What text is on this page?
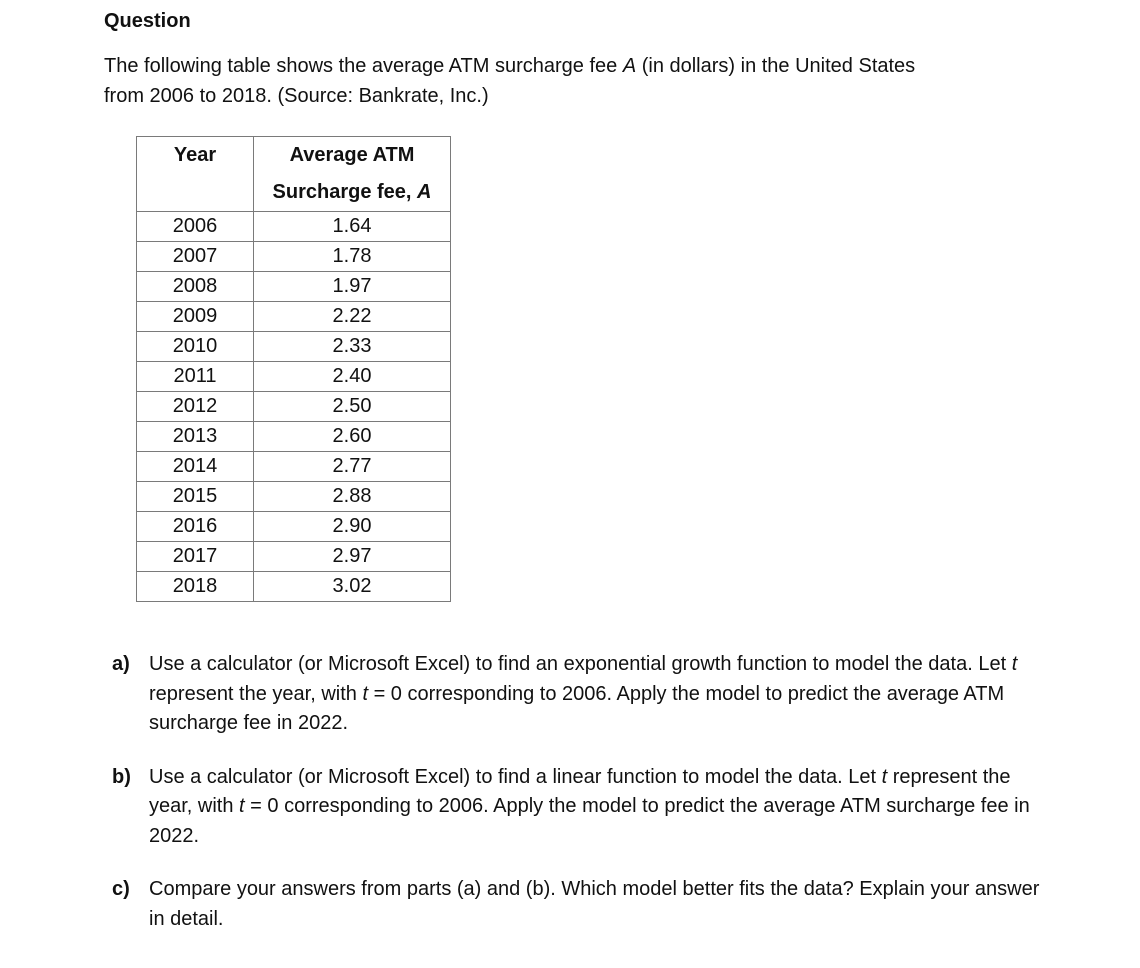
Question

The following table shows the average ATM surcharge fee A (in dollars) in the United States

from 2006 to 2018. (Source: Bankrate, Inc.)

Year	Average ATM
Surcharge fee, A

2006	1.64
2007	1.78
2008	1.97
2009	2.22
2010	2.33
2011	2.40
2012	2.50
2013	2.60
2014	2.77
2015	2.88
2016	2.90
2017	2.97
2018	3.02
a) Use a calculator (or Microsoft Excel) to find an exponential growth function to model the data. Let t represent the year, with t = 0 corresponding to 2006. Apply the model to predict the average ATM surcharge fee in 2022.
b) Use a calculator (or Microsoft Excel) to find a linear function to model the data. Let t represent the year, with t = 0 corresponding to 2006. Apply the model to predict the average ATM surcharge fee in 2022.
c) Compare your answers from parts (a) and (b). Which model better fits the data? Explain your answer in detail.
